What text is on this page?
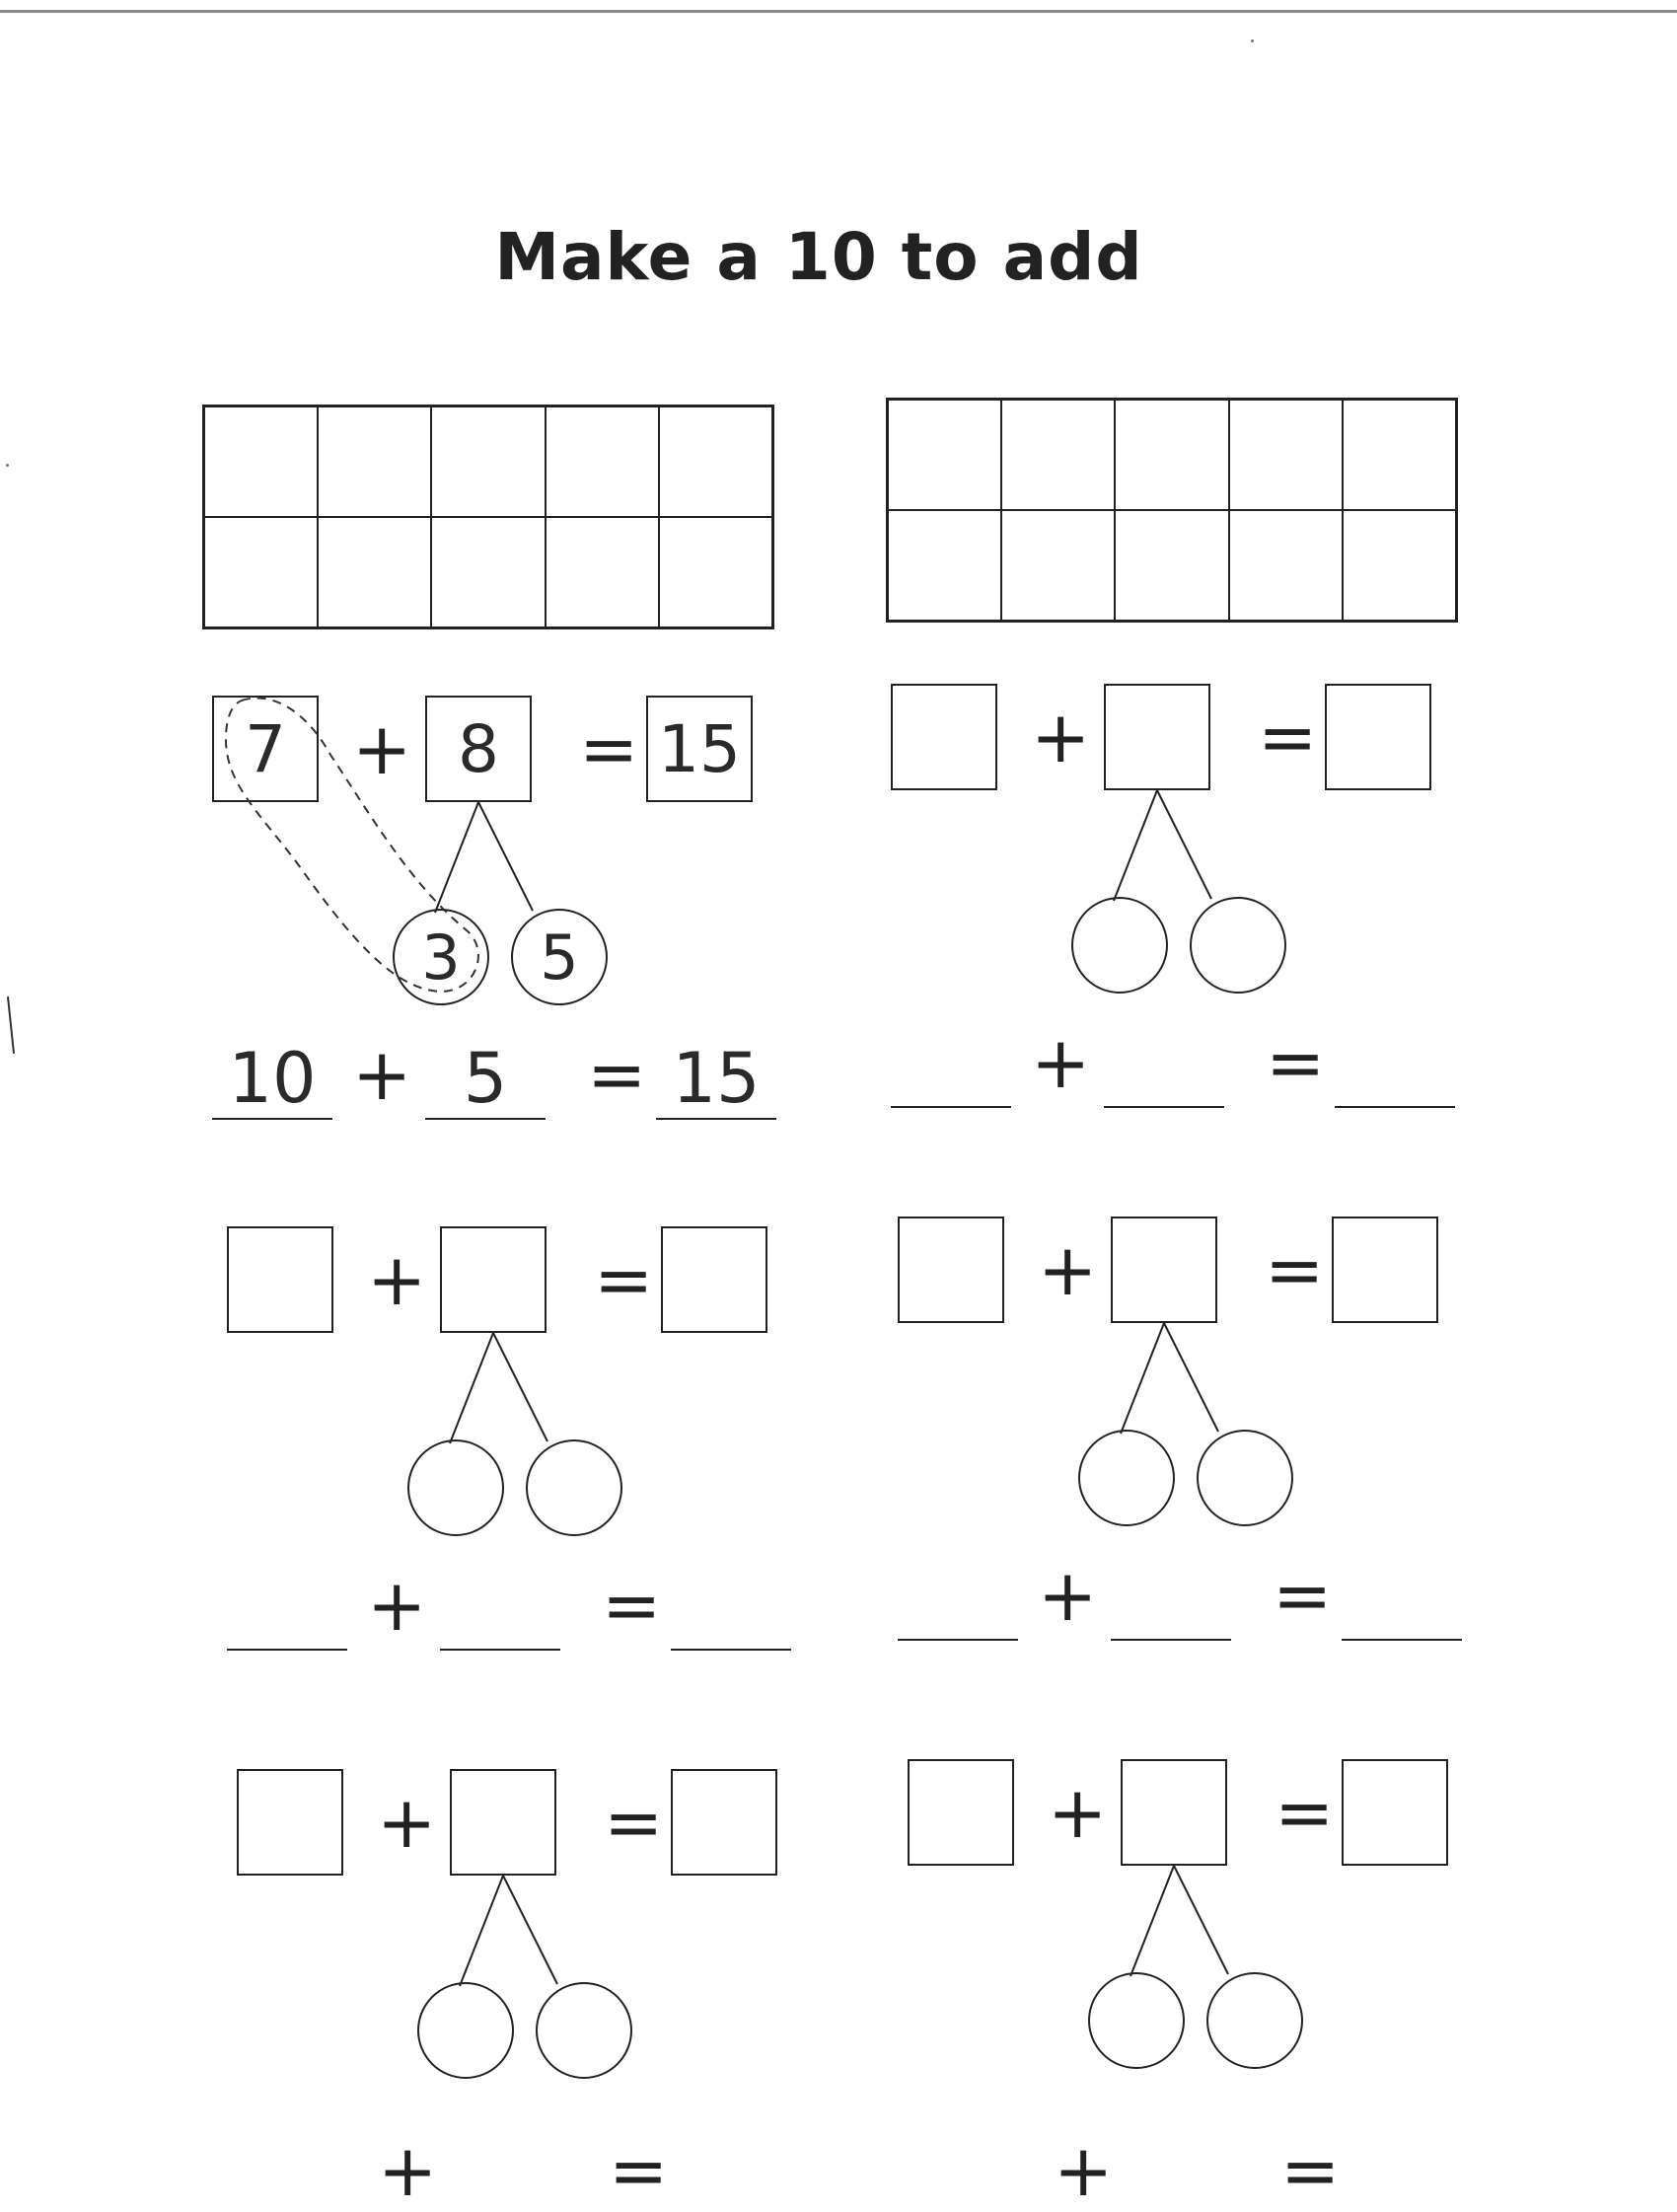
Make a 10 to add
7 + 8	= 15
3	5
10 + 5	= 15
+ =
+ =
+ =
+ =
+ =
+ =
+ =	+ =
+ =	+ =
